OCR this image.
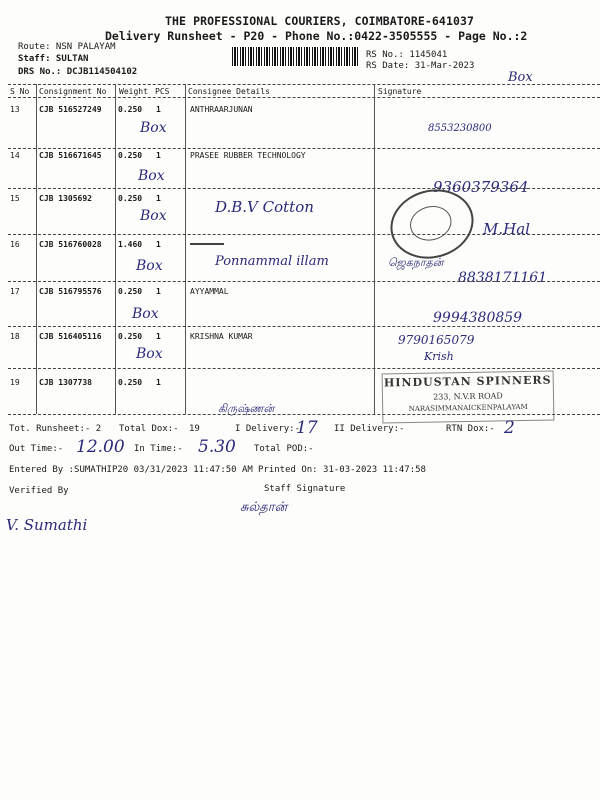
THE PROFESSIONAL COURIERS, COIMBATORE-641037
Delivery Runsheet - P20 - Phone No.:0422-3505555 - Page No.:2
Route: NSN PALAYAM
Staff: SULTAN
DRS No.: DCJB114504102
RS No.: 1145041
RS Date: 31-Mar-2023
Box
S No Consignment No Weight PCS Consignee Details	Signature
13 CJB 516527249 0.250 1	ANTHRAARJUNAN
Box	8553230800
14 CJB 516671645 0.250 1	PRASEE RUBBER TECHNOLOGY
Box
9360379364
15 CJB 1305692	0.250 1	D.B.V Cotton
Box
M.Hal
16 CJB 516760028 1.460 1
Ponnammal illam
Box	ஜெகநாதன்
8838171161
17 CJB 516795576 0.250 1	AYYAMMAL
Box	9994380859
18 CJB 516405116 0.250 1	KRISHNA KUMAR
Box
9790165079
Krish
19 CJB 1307738	0.250 1	HINDUSTAN SPINNERS
233, N.V.R ROAD
NARASIMMANAICKENPALAYAM
கிருஷ்ணன்
Tot. Runsheet:- 2 Total Dox:- 19	I Delivery:-
17 II Delivery:-	RTN Dox:- 2
Out Time:- 12.00 In Time:- 5.30 Total POD:-
Entered By :SUMATHIP20 03/31/2023 11:47:50 AM Printed On: 31-03-2023 11:47:58
Verified By	Staff Signature
V. Sumathi
சுல்தான்
